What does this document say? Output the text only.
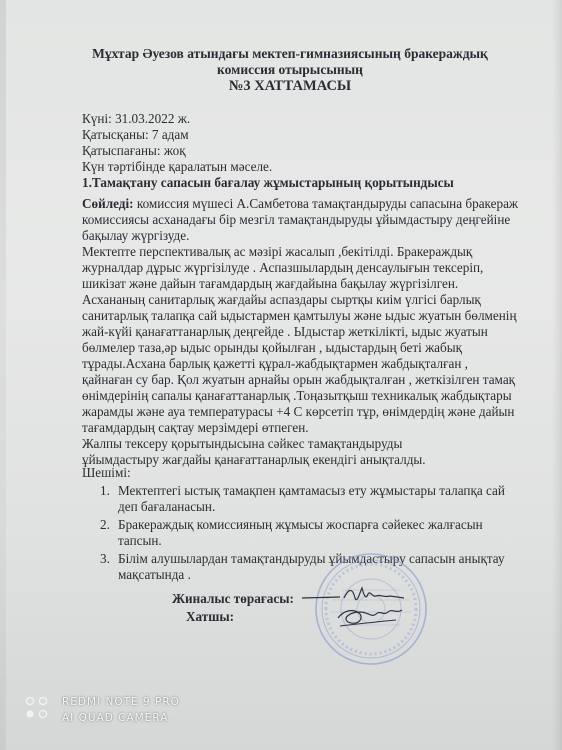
Мұхтар Әуезов атындағы мектеп-гимназиясының бракераждық
комиссия отырысының
№3 ХАТТАМАСЫ
Күні: 31.03.2022 ж.
Қатысқаны: 7 адам
Қатыспағаны: жоқ
Күн тәртібінде қаралатын мәселе.
1.Тамақтану сапасын бағалау жұмыстарының қорытындысы
Сөйледі: комиссия мүшесі А.Самбетова тамақтандыруды сапасына бракераж
комиссиясы асханадағы бір мезгіл тамақтандыруды ұйымдастыру деңгейіне
бақылау жүргізуде.
Мектепте перспективалық ас мәзірі жасалып ,бекітілді. Бракераждық
журналдар дұрыс жүргізілуде . Аспазшылардың денсаулығын тексеріп,
шикізат және дайын тағамдардың жағдайына бақылау жүргізілген.
Асхананың санитарлық жағдайы аспаздары сыртқы киім үлгісі барлық
санитарлық талапқа сай ыдыстармен қамтылуы және ыдыс жуатын бөлменің
жай-күйі қанағаттанарлық деңгейде . Ыдыстар жеткілікті, ыдыс жуатын
бөлмелер таза,әр ыдыс орынды қойылған , ыдыстардың беті жабық
тұрады.Асхана барлық қажетті құрал-жабдықтармен жабдықталған ,
қайнаған су бар. Қол жуатын арнайы орын жабдықталған , жеткізілген тамақ
өнімдерінің сапалы қанағаттанарлық .Тоңазытқыш техникалық жабдықтары
жарамды және ауа температурасы +4 С көрсетіп тұр, өнімдердің және дайын
тағамдардың сақтау мерзімдері өтпеген.
Жалпы тексеру қорытындысына сәйкес тамақтандыруды
ұйымдастыру жағдайы қанағаттанарлық екендігі анықталды.
Шешімі:
1. Мектептегі ыстық тамақпен қамтамасыз ету жұмыстары талапқа сай
деп бағаланасын.
2. Бракераждық комиссияның жұмысы жоспарға сәйекес жалғасын
тапсын.
3. Білім алушылардан тамақтандыруды ұйымдастыру сапасын анықтау
мақсатында .
Жиналыс төрағасы:
Хатшы:
REDMI NOTE 9 PRO
AI QUAD CAMERA
